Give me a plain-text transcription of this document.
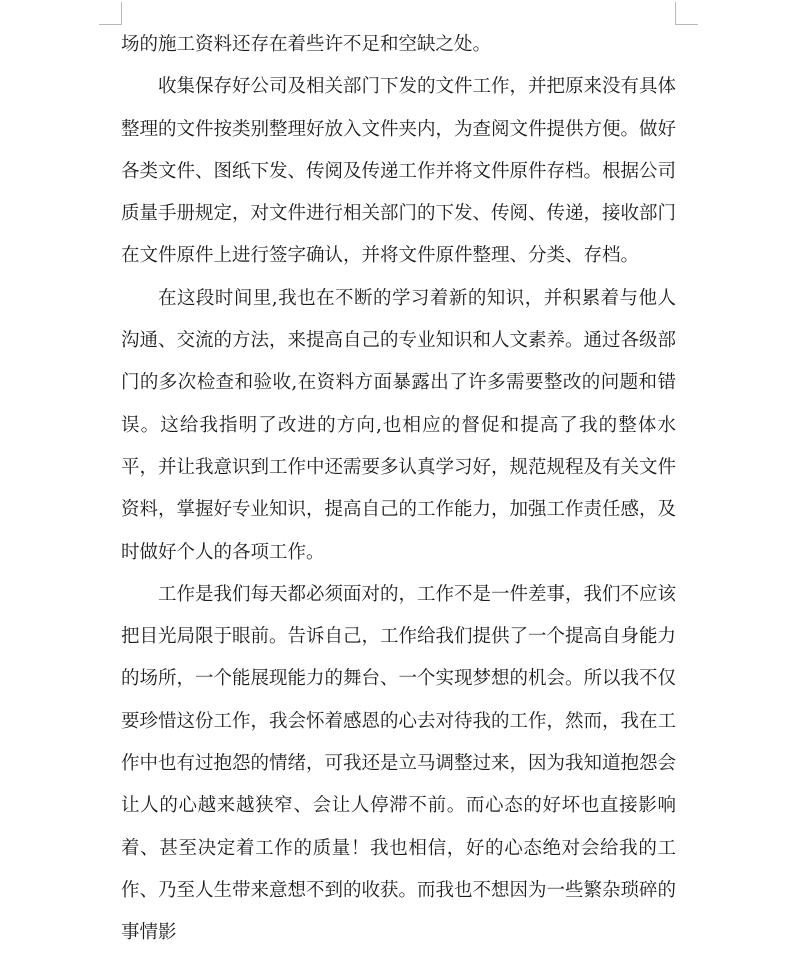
场的施工资料还存在着些许不足和空缺之处。

收集保存好公司及相关部门下发的文件工作，并把原来没有具体整理的文件按类别整理好放入文件夹内，为查阅文件提供方便。做好各类文件、图纸下发、传阅及传递工作并将文件原件存档。根据公司质量手册规定，对文件进行相关部门的下发、传阅、传递，接收部门在文件原件上进行签字确认，并将文件原件整理、分类、存档。

在这段时间里,我也在不断的学习着新的知识，并积累着与他人沟通、交流的方法，来提高自己的专业知识和人文素养。通过各级部门的多次检查和验收,在资料方面暴露出了许多需要整改的问题和错误。这给我指明了改进的方向,也相应的督促和提高了我的整体水平，并让我意识到工作中还需要多认真学习好，规范规程及有关文件资料，掌握好专业知识，提高自己的工作能力，加强工作责任感，及时做好个人的各项工作。

工作是我们每天都必须面对的，工作不是一件差事，我们不应该把目光局限于眼前。告诉自己，工作给我们提供了一个提高自身能力的场所，一个能展现能力的舞台、一个实现梦想的机会。所以我不仅要珍惜这份工作，我会怀着感恩的心去对待我的工作，然而，我在工作中也有过抱怨的情绪，可我还是立马调整过来，因为我知道抱怨会让人的心越来越狭窄、会让人停滞不前。而心态的好坏也直接影响着、甚至决定着工作的质量！我也相信，好的心态绝对会给我的工作、乃至人生带来意想不到的收获。而我也不想因为一些繁杂琐碎的事情影
